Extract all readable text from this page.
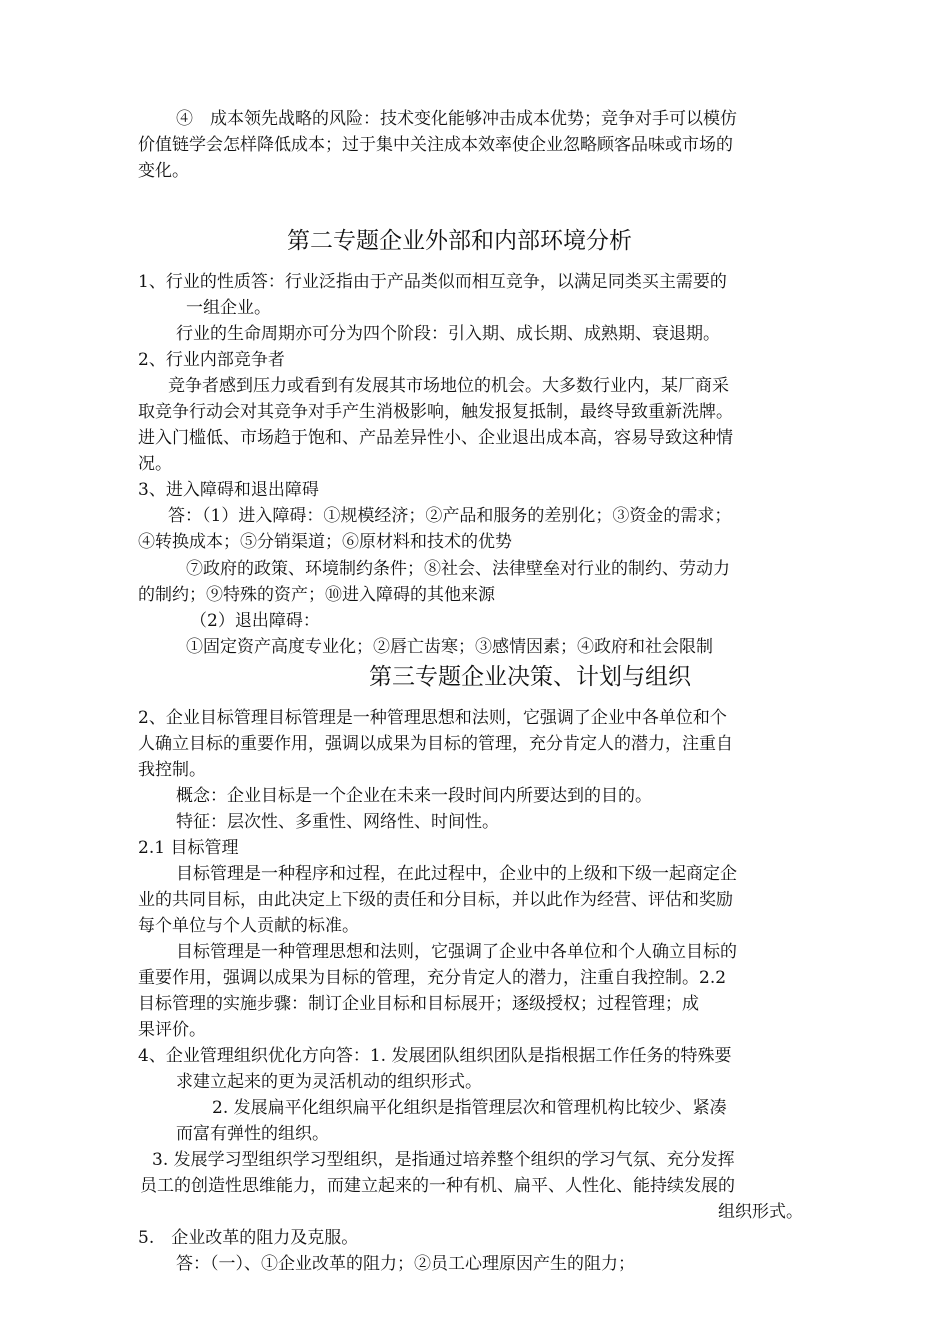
④　成本领先战略的风险：技术变化能够冲击成本优势；竞争对手可以模仿
价值链学会怎样降低成本；过于集中关注成本效率使企业忽略顾客品味或市场的
变化。
第二专题企业外部和内部环境分析
1、行业的性质答：行业泛指由于产品类似而相互竞争，以满足同类买主需要的
一组企业。
行业的生命周期亦可分为四个阶段：引入期、成长期、成熟期、衰退期。
2、行业内部竞争者
竞争者感到压力或看到有发展其市场地位的机会。大多数行业内，某厂商采
取竞争行动会对其竞争对手产生消极影响，触发报复抵制，最终导致重新洗牌。
进入门槛低、市场趋于饱和、产品差异性小、企业退出成本高，容易导致这种情
况。
3、进入障碍和退出障碍
答：（1）进入障碍：①规模经济；②产品和服务的差别化；③资金的需求；
④转换成本；⑤分销渠道；⑥原材料和技术的优势
⑦政府的政策、环境制约条件；⑧社会、法律壁垒对行业的制约、劳动力
的制约；⑨特殊的资产；⑩进入障碍的其他来源
（2）退出障碍：
①固定资产高度专业化；②唇亡齿寒；③感情因素；④政府和社会限制
第三专题企业决策、计划与组织
2、企业目标管理目标管理是一种管理思想和法则，它强调了企业中各单位和个
人确立目标的重要作用，强调以成果为目标的管理，充分肯定人的潜力，注重自
我控制。
概念：企业目标是一个企业在未来一段时间内所要达到的目的。
特征：层次性、多重性、网络性、时间性。
2.1 目标管理
目标管理是一种程序和过程，在此过程中，企业中的上级和下级一起商定企
业的共同目标，由此决定上下级的责任和分目标，并以此作为经营、评估和奖励
每个单位与个人贡献的标准。
目标管理是一种管理思想和法则，它强调了企业中各单位和个人确立目标的
重要作用，强调以成果为目标的管理，充分肯定人的潜力，注重自我控制。2.2
目标管理的实施步骤：制订企业目标和目标展开；逐级授权；过程管理；成
果评价。
4、企业管理组织优化方向答：1. 发展团队组织团队是指根据工作任务的特殊要
求建立起来的更为灵活机动的组织形式。
2. 发展扁平化组织扁平化组织是指管理层次和管理机构比较少、紧凑
而富有弹性的组织。
3. 发展学习型组织学习型组织，是指通过培养整个组织的学习气氛、充分发挥
员工的创造性思维能力，而建立起来的一种有机、扁平、人性化、能持续发展的
组织形式。
5.　企业改革的阻力及克服。
答：（一）、①企业改革的阻力；②员工心理原因产生的阻力；
